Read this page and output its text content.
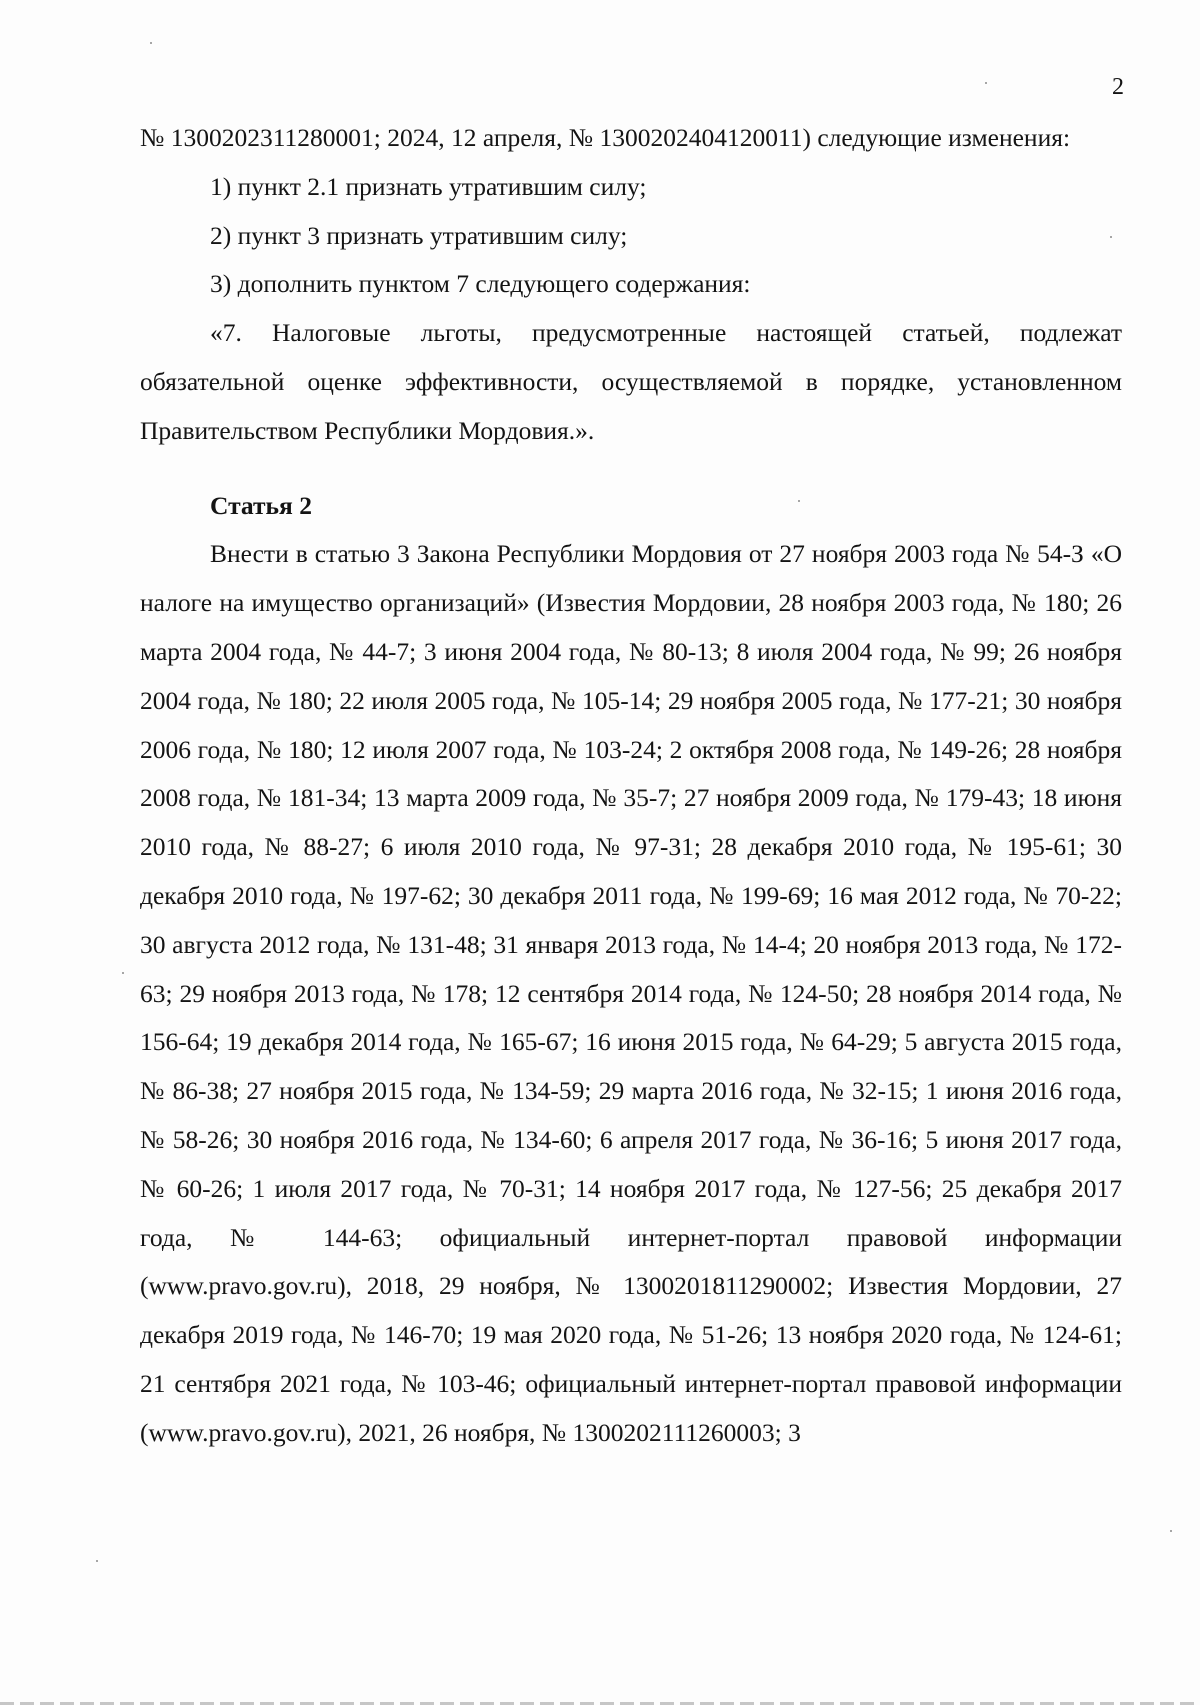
2

№ 1300202311280001; 2024, 12 апреля, № 1300202404120011) следующие изменения:

1) пункт 2.1 признать утратившим силу;

2) пункт 3 признать утратившим силу;

3) дополнить пунктом 7 следующего содержания:

«7. Налоговые льготы, предусмотренные настоящей статьей, подлежат обязательной оценке эффективности, осуществляемой в порядке, установленном Правительством Республики Мордовия.».

Статья 2

Внести в статью 3 Закона Республики Мордовия от 27 ноября 2003 года № 54-З «О налоге на имущество организаций» (Известия Мордовии, 28 ноября 2003 года, № 180; 26 марта 2004 года, № 44-7; 3 июня 2004 года, № 80-13; 8 июля 2004 года, № 99; 26 ноября 2004 года, № 180; 22 июля 2005 года, № 105-14; 29 ноября 2005 года, № 177-21; 30 ноября 2006 года, № 180; 12 июля 2007 года, № 103-24; 2 октября 2008 года, № 149-26; 28 ноября 2008 года, № 181-34; 13 марта 2009 года, № 35-7; 27 ноября 2009 года, № 179-43; 18 июня 2010 года, № 88-27; 6 июля 2010 года, № 97-31; 28 декабря 2010 года, № 195-61; 30 декабря 2010 года, № 197-62; 30 декабря 2011 года, № 199-69; 16 мая 2012 года, № 70-22; 30 августа 2012 года, № 131-48; 31 января 2013 года, № 14-4; 20 ноября 2013 года, № 172-63; 29 ноября 2013 года, № 178; 12 сентября 2014 года, № 124-50; 28 ноября 2014 года, № 156-64; 19 декабря 2014 года, № 165-67; 16 июня 2015 года, № 64-29; 5 августа 2015 года, № 86-38; 27 ноября 2015 года, № 134-59; 29 марта 2016 года, № 32-15; 1 июня 2016 года, № 58-26; 30 ноября 2016 года, № 134-60; 6 апреля 2017 года, № 36-16; 5 июня 2017 года, № 60-26; 1 июля 2017 года, № 70-31; 14 ноября 2017 года, № 127-56; 25 декабря 2017 года, № 144-63; официальный интернет-портал правовой информации (www.pravo.gov.ru), 2018, 29 ноября, № 1300201811290002; Известия Мордовии, 27 декабря 2019 года, № 146-70; 19 мая 2020 года, № 51-26; 13 ноября 2020 года, № 124-61; 21 сентября 2021 года, № 103-46; официальный интернет-портал правовой информации (www.pravo.gov.ru), 2021, 26 ноября, № 1300202111260003; 3
